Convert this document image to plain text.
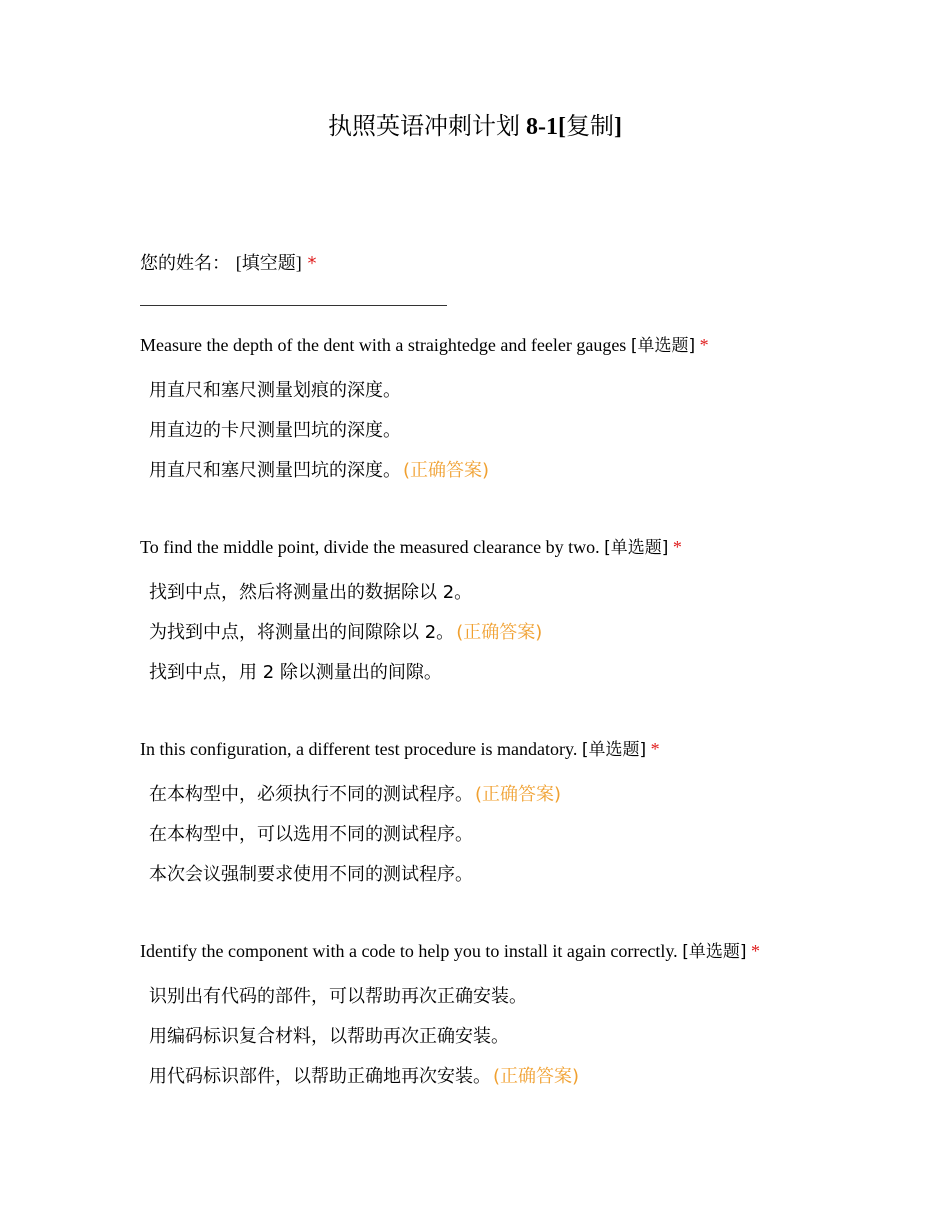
执照英语冲刺计划 8-1[复制]
您的姓名： [填空题] *
Measure the depth of the dent with a straightedge and feeler gauges [单选题] *
用直尺和塞尺测量划痕的深度。
用直边的卡尺测量凹坑的深度。
用直尺和塞尺测量凹坑的深度。 (正确答案)
To find the middle point, divide the measured clearance by two. [单选题] *
找到中点，然后将测量出的数据除以 2。
为找到中点，将测量出的间隙除以 2。 (正确答案)
找到中点，用 2 除以测量出的间隙。
In this configuration, a different test procedure is mandatory. [单选题] *
在本构型中，必须执行不同的测试程序。 (正确答案)
在本构型中，可以选用不同的测试程序。
本次会议强制要求使用不同的测试程序。
Identify the component with a code to help you to install it again correctly. [单选题] *
识别出有代码的部件，可以帮助再次正确安装。
用编码标识复合材料，以帮助再次正确安装。
用代码标识部件，以帮助正确地再次安装。 (正确答案)
